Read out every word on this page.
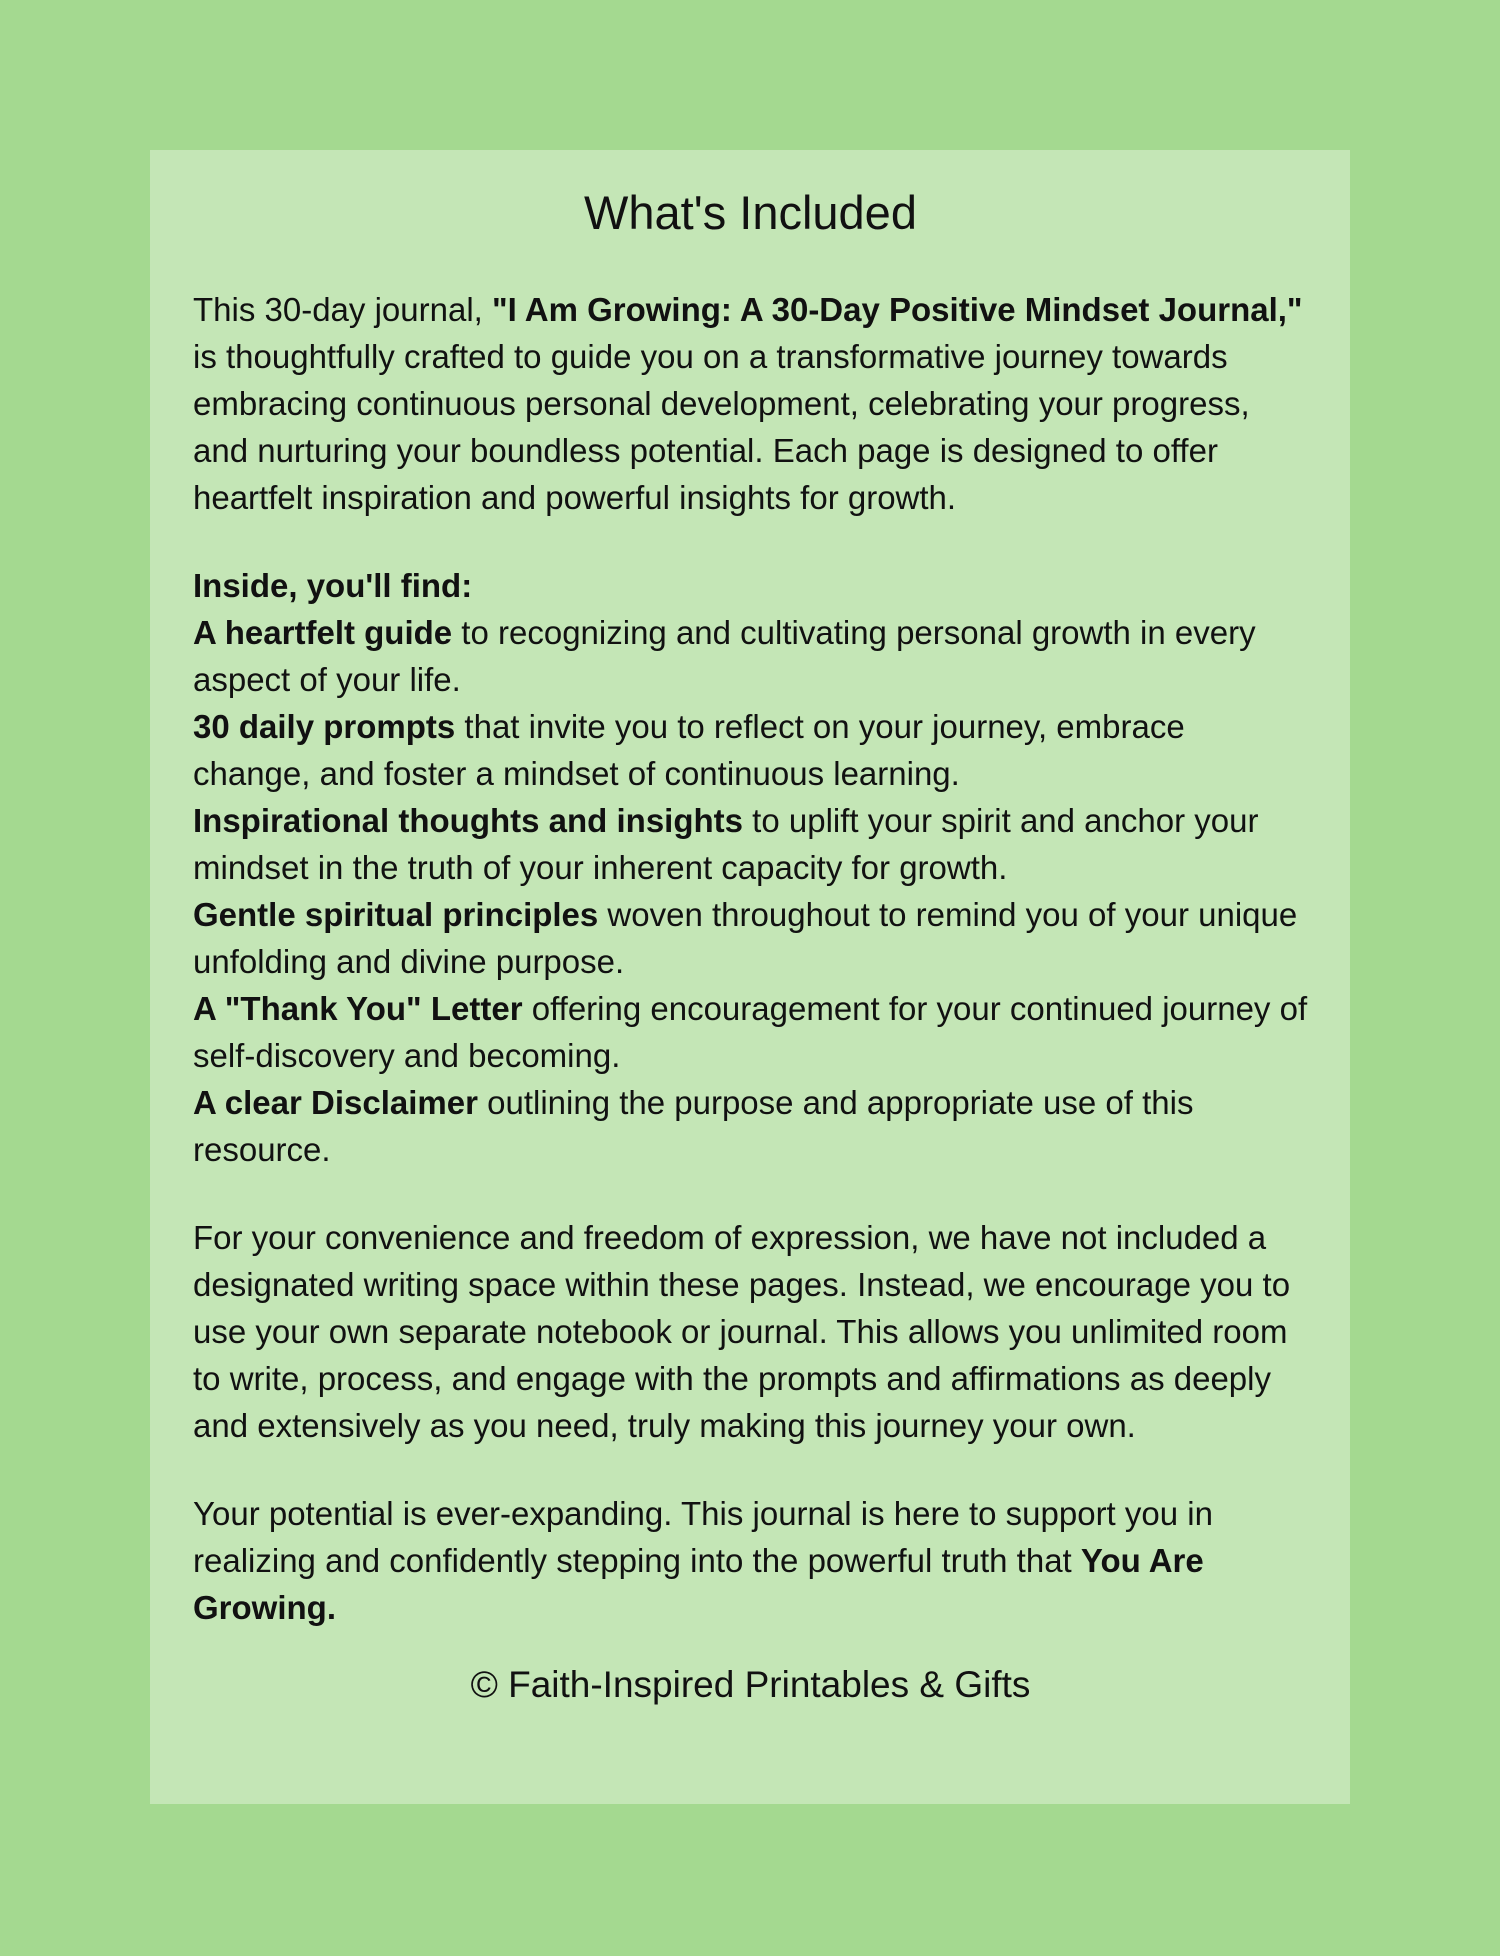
What's Included

This 30-day journal, "I Am Growing: A 30-Day Positive Mindset Journal," is thoughtfully crafted to guide you on a transformative journey towards embracing continuous personal development, celebrating your progress, and nurturing your boundless potential. Each page is designed to offer heartfelt inspiration and powerful insights for growth.

Inside, you'll find:

A heartfelt guide to recognizing and cultivating personal growth in every aspect of your life.

30 daily prompts that invite you to reflect on your journey, embrace change, and foster a mindset of continuous learning.

Inspirational thoughts and insights to uplift your spirit and anchor your mindset in the truth of your inherent capacity for growth.

Gentle spiritual principles woven throughout to remind you of your unique unfolding and divine purpose.

A "Thank You" Letter offering encouragement for your continued journey of self-discovery and becoming.

A clear Disclaimer outlining the purpose and appropriate use of this resource.

For your convenience and freedom of expression, we have not included a designated writing space within these pages. Instead, we encourage you to use your own separate notebook or journal. This allows you unlimited room to write, process, and engage with the prompts and affirmations as deeply and extensively as you need, truly making this journey your own.

Your potential is ever-expanding. This journal is here to support you in realizing and confidently stepping into the powerful truth that You Are Growing.

© Faith-Inspired Printables & Gifts
